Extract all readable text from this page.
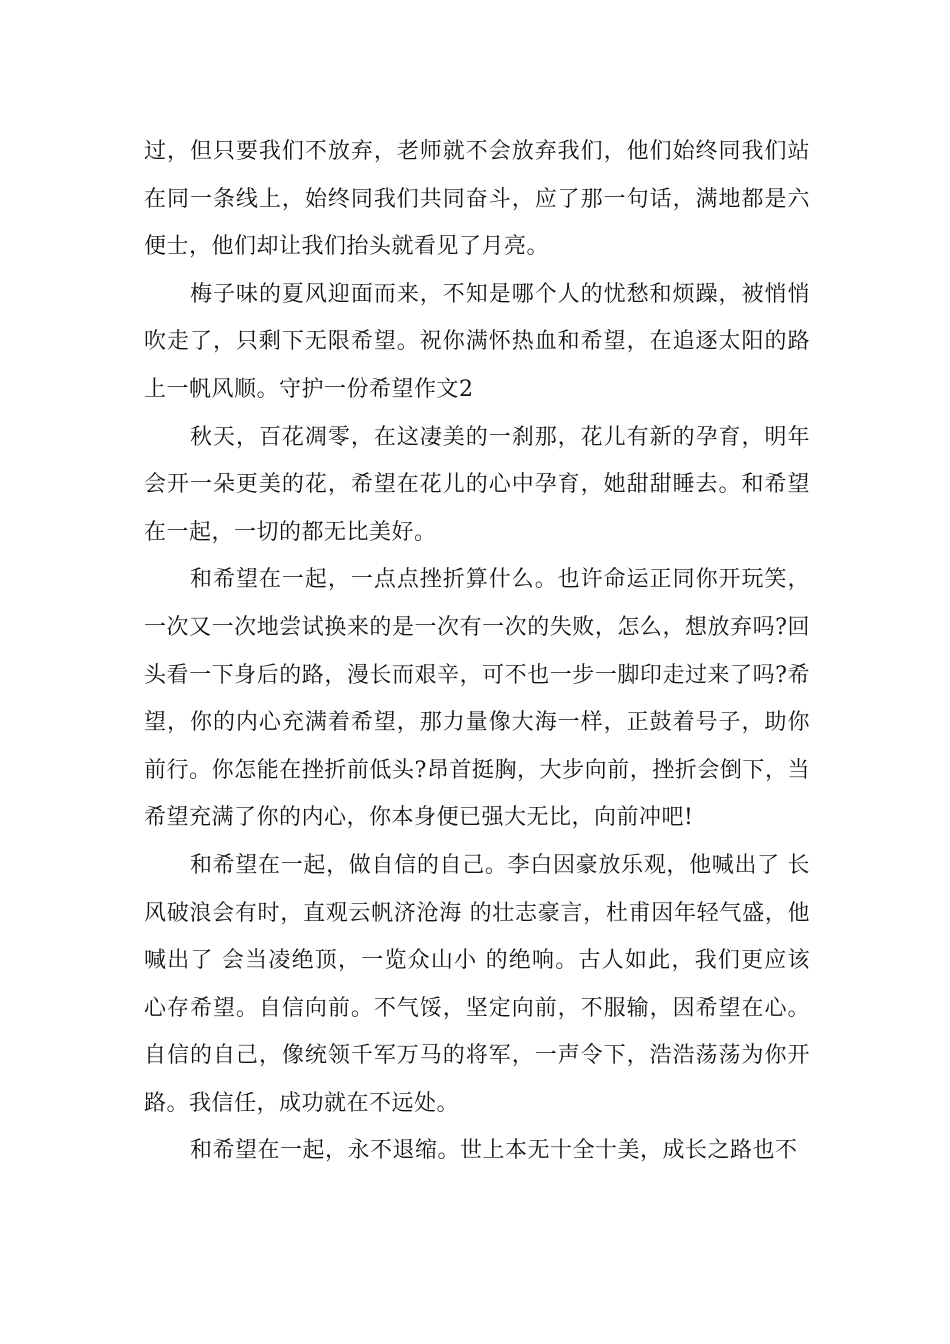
过，但只要我们不放弃，老师就不会放弃我们，他们始终同我们站在同一条线上，始终同我们共同奋斗，应了那一句话，满地都是六便士，他们却让我们抬头就看见了月亮。

梅子味的夏风迎面而来，不知是哪个人的忧愁和烦躁，被悄悄吹走了，只剩下无限希望。祝你满怀热血和希望，在追逐太阳的路上一帆风顺。守护一份希望作文2

秋天，百花凋零，在这凄美的一刹那，花儿有新的孕育，明年会开一朵更美的花，希望在花儿的心中孕育，她甜甜睡去。和希望在一起，一切的都无比美好。

和希望在一起，一点点挫折算什么。也许命运正同你开玩笑，一次又一次地尝试换来的是一次有一次的失败，怎么，想放弃吗?回头看一下身后的路，漫长而艰辛，可不也一步一脚印走过来了吗?希望，你的内心充满着希望，那力量像大海一样，正鼓着号子，助你前行。你怎能在挫折前低头?昂首挺胸，大步向前，挫折会倒下，当希望充满了你的内心，你本身便已强大无比，向前冲吧!

和希望在一起，做自信的自己。李白因豪放乐观，他喊出了 长风破浪会有时，直观云帆济沧海 的壮志豪言，杜甫因年轻气盛，他喊出了 会当凌绝顶，一览众山小 的绝响。古人如此，我们更应该心存希望。自信向前。不气馁，坚定向前，不服输，因希望在心。自信的自己，像统领千军万马的将军，一声令下，浩浩荡荡为你开路。我信任，成功就在不远处。

和希望在一起，永不退缩。世上本无十全十美，成长之路也不
